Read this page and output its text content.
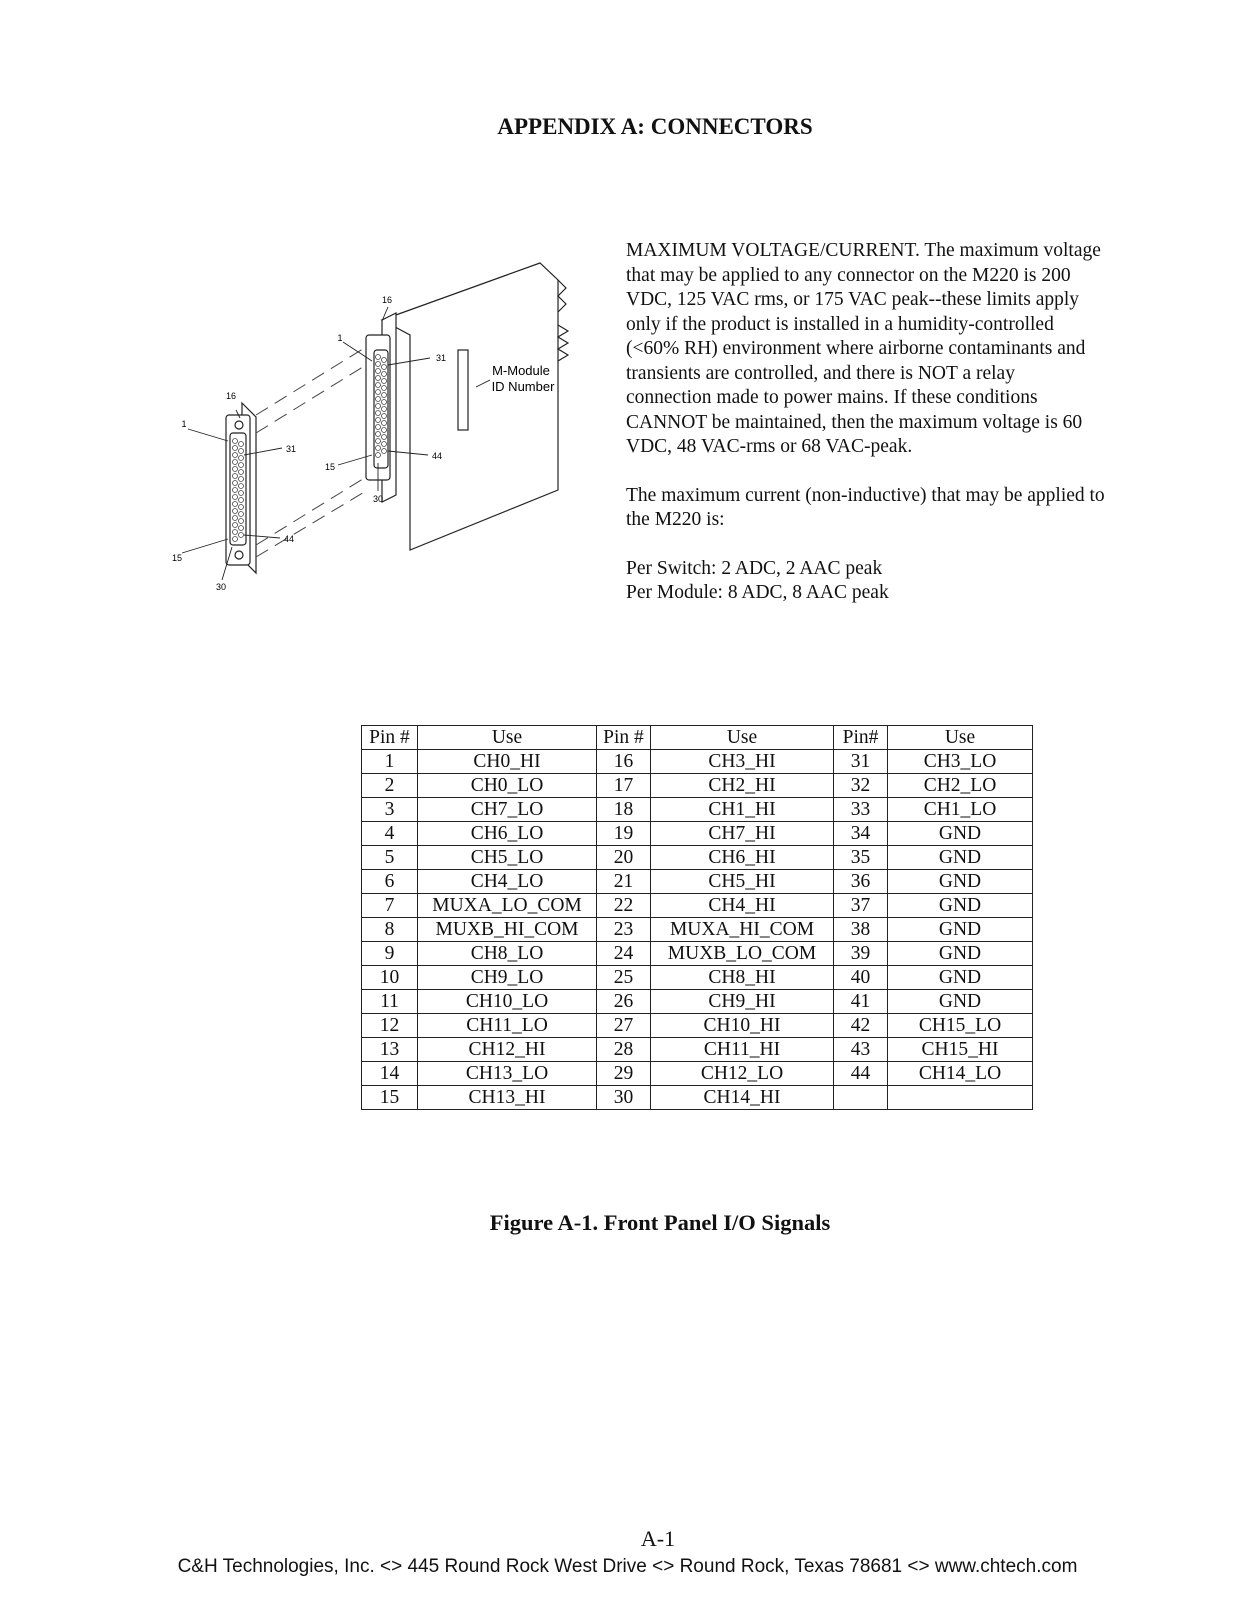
APPENDIX A: CONNECTORS
M-Module
ID Number
16
1
31
15
44
30
16
1
31
15
44
30

MAXIMUM VOLTAGE/CURRENT. The maximum voltage
that may be applied to any connector on the M220 is 200
VDC, 125 VAC rms, or 175 VAC peak--these limits apply
only if the product is installed in a humidity-controlled
(<60% RH) environment where airborne contaminants and
transients are controlled, and there is NOT a relay
connection made to power mains. If these conditions
CANNOT be maintained, then the maximum voltage is 60
VDC, 48 VAC-rms or 68 VAC-peak.

The maximum current (non-inductive) that may be applied to
the M220 is:

Per Switch: 2 ADC, 2 AAC peak
Per Module: 8 ADC, 8 AAC peak

Pin #	Use	Pin #	Use	Pin#	Use
1	CH0_HI	16	CH3_HI	31	CH3_LO
2	CH0_LO	17	CH2_HI	32	CH2_LO
3	CH7_LO	18	CH1_HI	33	CH1_LO
4	CH6_LO	19	CH7_HI	34	GND
5	CH5_LO	20	CH6_HI	35	GND
6	CH4_LO	21	CH5_HI	36	GND
7	MUXA_LO_COM	22	CH4_HI	37	GND
8	MUXB_HI_COM	23	MUXA_HI_COM	38	GND
9	CH8_LO	24	MUXB_LO_COM	39	GND
10	CH9_LO	25	CH8_HI	40	GND
11	CH10_LO	26	CH9_HI	41	GND
12	CH11_LO	27	CH10_HI	42	CH15_LO
13	CH12_HI	28	CH11_HI	43	CH15_HI
14	CH13_LO	29	CH12_LO	44	CH14_LO
15	CH13_HI	30	CH14_HI		
Figure A-1. Front Panel I/O Signals
A-1
C&H Technologies, Inc. <> 445 Round Rock West Drive <> Round Rock, Texas 78681 <> www.chtech.com
